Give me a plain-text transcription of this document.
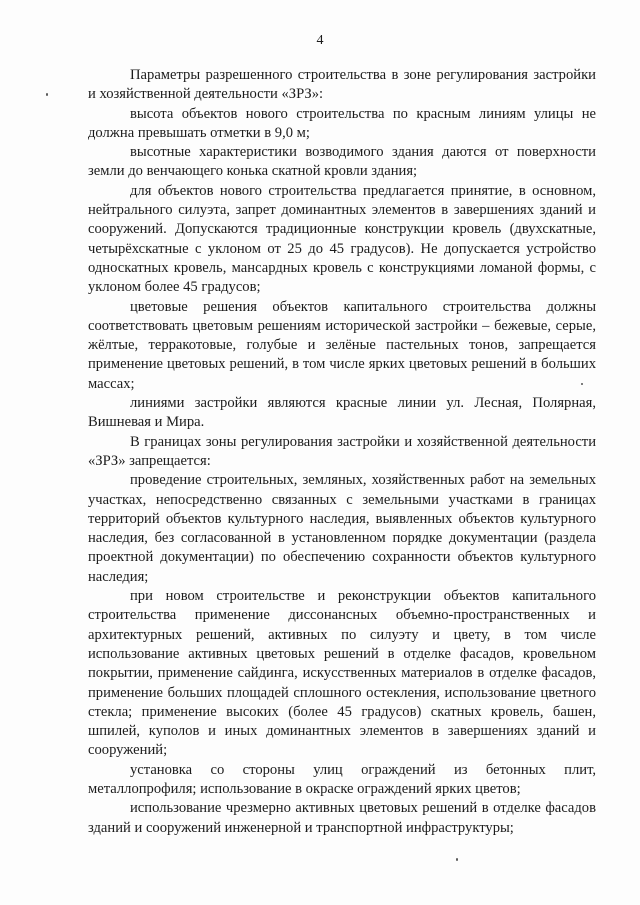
4

Параметры разрешенного строительства в зоне регулирования застройки и хозяйственной деятельности «ЗРЗ»:

высота объектов нового строительства по красным линиям улицы не должна превышать отметки в 9,0 м;

высотные характеристики возводимого здания даются от поверхности земли до венчающего конька скатной кровли здания;

для объектов нового строительства предлагается принятие, в основном, нейтрального силуэта, запрет доминантных элементов в завершениях зданий и сооружений. Допускаются традиционные конструкции кровель (двухскатные, четырёхскатные с уклоном от 25 до 45 градусов). Не допускается устройство односкатных кровель, мансардных кровель с конструкциями ломаной формы, с уклоном более 45 градусов;

цветовые решения объектов капитального строительства должны соответствовать цветовым решениям исторической застройки – бежевые, серые, жёлтые, терракотовые, голубые и зелёные пастельных тонов, запрещается применение цветовых решений, в том числе ярких цветовых решений в больших массах;

линиями застройки являются красные линии ул. Лесная, Полярная, Вишневая и Мира.

В границах зоны регулирования застройки и хозяйственной деятельности «ЗРЗ» запрещается:

проведение строительных, земляных, хозяйственных работ на земельных участках, непосредственно связанных с земельными участками в границах территорий объектов культурного наследия, выявленных объектов культурного наследия, без согласованной в установленном порядке документации (раздела проектной документации) по обеспечению сохранности объектов культурного наследия;

при новом строительстве и реконструкции объектов капитального строительства применение диссонансных объемно-пространственных и архитектурных решений, активных по силуэту и цвету, в том числе использование активных цветовых решений в отделке фасадов, кровельном покрытии, применение сайдинга, искусственных материалов в отделке фасадов, применение больших площадей сплошного остекления, использование цветного стекла; применение высоких (более 45 градусов) скатных кровель, башен, шпилей, куполов и иных доминантных элементов в завершениях зданий и сооружений;

установка со стороны улиц ограждений из бетонных плит, металлопрофиля; использование в окраске ограждений ярких цветов;

использование чрезмерно активных цветовых решений в отделке фасадов зданий и сооружений инженерной и транспортной инфраструктуры;
